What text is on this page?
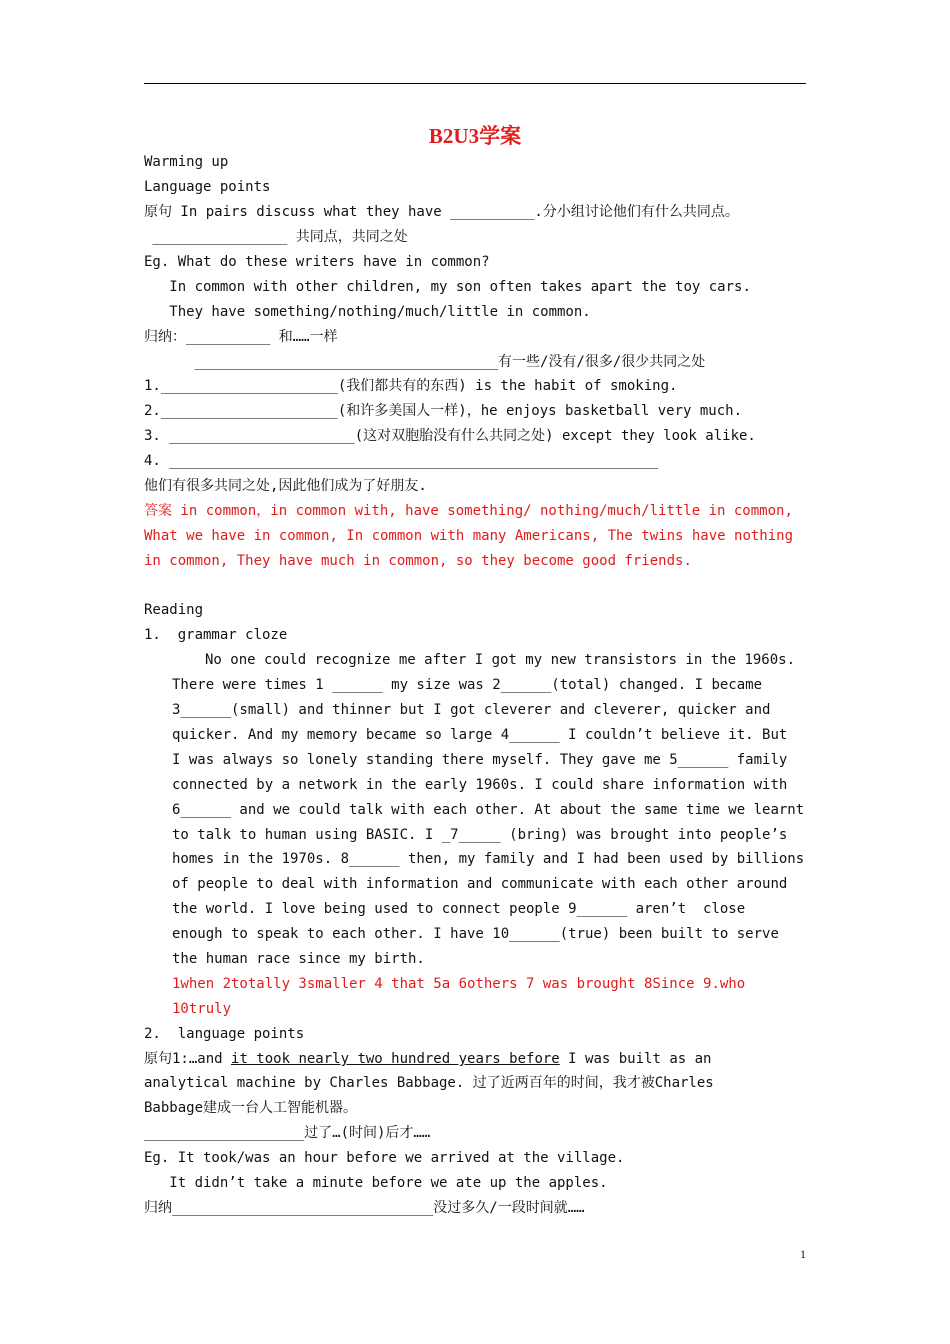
B2U3学案
Warming up
Language points
原句 In pairs discuss what they have __________.分小组讨论他们有什么共同点。
________________ 共同点，共同之处
Eg. What do these writers have in common?
In common with other children, my son often takes apart the toy cars.
They have something/nothing/much/little in common.
归纳：__________ 和……一样
____________________________________有一些/没有/很多/很少共同之处
1._____________________(我们都共有的东西) is the habit of smoking.
2._____________________(和许多美国人一样)，he enjoys basketball very much.
3. ______________________(这对双胞胎没有什么共同之处) except they look alike.
4. __________________________________________________________
他们有很多共同之处,因此他们成为了好朋友.
答案 in common，in common with, have something/ nothing/much/little in common,
What we have in common, In common with many Americans, The twins have nothing
in common, They have much in common, so they become good friends.
Reading
1.  grammar cloze
No one could recognize me after I got my new transistors in the 1960s.
There were times 1 ______ my size was 2______(total) changed. I became
3______(small) and thinner but I got cleverer and cleverer, quicker and
quicker. And my memory became so large 4______ I couldn’t believe it. But
I was always so lonely standing there myself. They gave me 5______ family
connected by a network in the early 1960s. I could share information with
6______ and we could talk with each other. At about the same time we learnt
to talk to human using BASIC. I _7_____ (bring) was brought into people’s
homes in the 1970s. 8______ then, my family and I had been used by billions
of people to deal with information and communicate with each other around
the world. I love being used to connect people 9______ aren’t  close
enough to speak to each other. I have 10______(true) been built to serve
the human race since my birth.
1when 2totally 3smaller 4 that 5a 6others 7 was brought 8Since 9.who
10truly
2.  language points
原句1:…and it took nearly two hundred years before I was built as an
analytical machine by Charles Babbage. 过了近两百年的时间，我才被Charles
Babbage建成一台人工智能机器。
___________________过了…(时间)后才……
Eg. It took/was an hour before we arrived at the village.
It didn’t take a minute before we ate up the apples.
归纳_______________________________没过多久/一段时间就……
1
